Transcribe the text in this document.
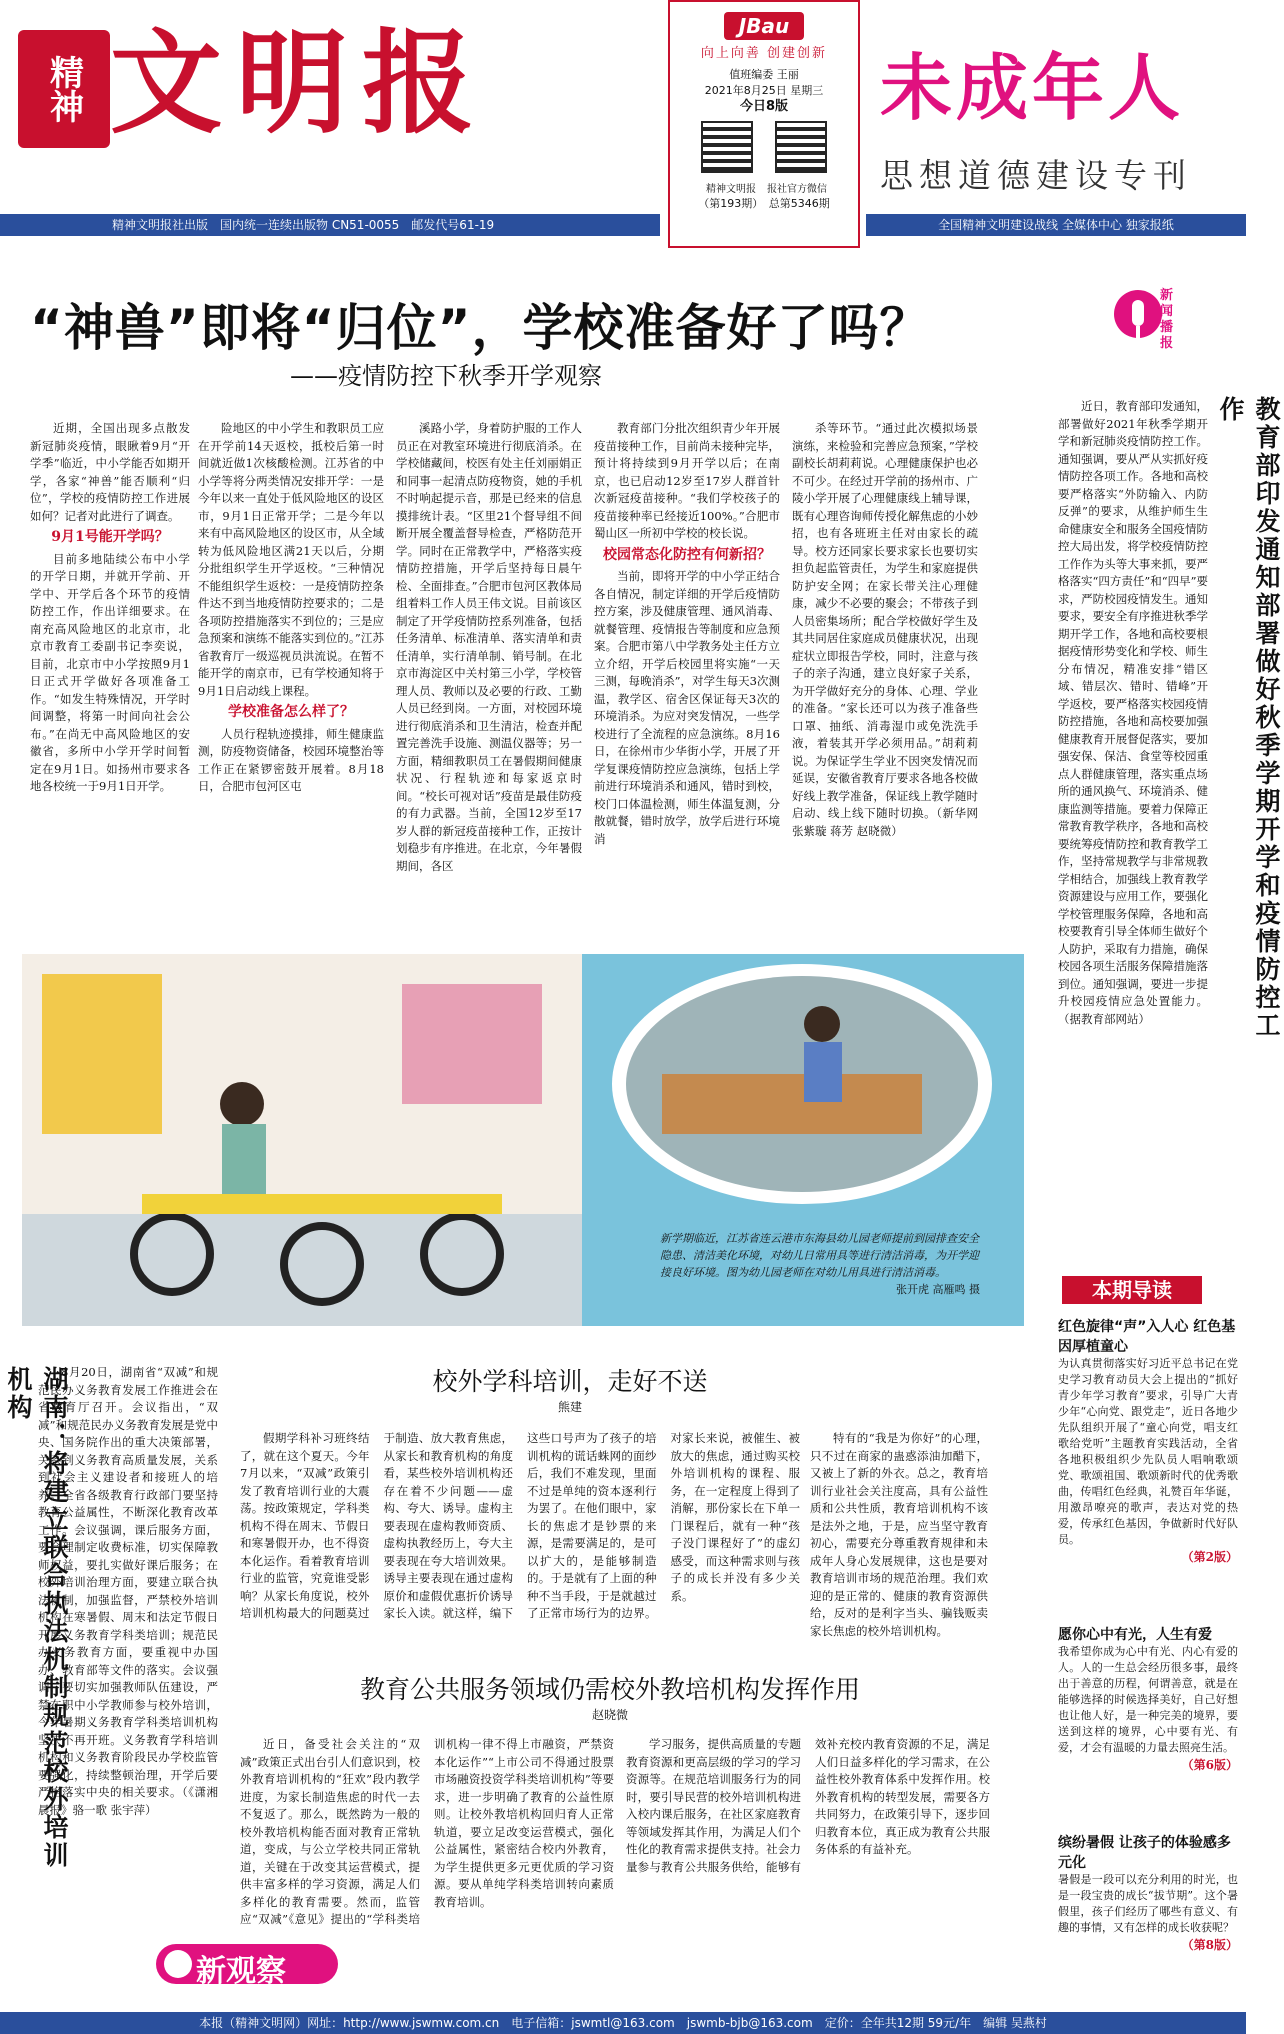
精神 文明报	JBau
向上向善 创建创新
值班编委 王丽
2021年8月25日 星期三
今日8版

精神文明报 报社官方微信
（第193期）　 总第5346期
未成年人
思想道德建设专刊
精神文明报社出版　国内统一连续出版物 CN51-0055　邮发代号61-19	全国精神文明建设战线 全媒体中心 独家报纸
“神兽”即将“归位”，学校准备好了吗？
——疫情防控下秋季开学观察
新闻 播报

近期，全国出现多点散发新冠肺炎疫情，眼瞅着9月“开学季”临近，中小学能否如期开学，各家“神兽”能否顺利“归位”，学校的疫情防控工作进展如何？记者对此进行了调查。

9月1号能开学吗？

目前多地陆续公布中小学的开学日期，并就开学前、开学中、开学后各个环节的疫情防控工作，作出详细要求。在南充高风险地区的北京市，北京市教育工委副书记李奕说，目前，北京市中小学按照9月1日正式开学做好各项准备工作。“如发生特殊情况，开学时间调整，将第一时间向社会公布。”在尚无中高风险地区的安徽省，多所中小学开学时间暂定在9月1日。如扬州市要求各地各校统一于9月1日开学。

险地区的中小学生和教职员工应在开学前14天返校，抵校后第一时间就近做1次核酸检测。江苏省的中小学等将分两类情况安排开学：一是今年以来一直处于低风险地区的设区市，9月1日正常开学；二是今年以来有中高风险地区的设区市，从全域转为低风险地区满21天以后，分期分批组织学生开学返校。“三种情况不能组织学生返校：一是疫情防控条件达不到当地疫情防控要求的；二是各项防控措施落实不到位的；三是应急预案和演练不能落实到位的。”江苏省教育厅一级巡视员洪流说。在暂不能开学的南京市，已有学校通知将于9月1日启动线上课程。

学校准备怎么样了？

人员行程轨迹摸排，师生健康监测，防疫物资储备，校园环境整治等工作正在紧锣密鼓开展着。8月18日，合肥市包河区屯

溪路小学，身着防护服的工作人员正在对教室环境进行彻底消杀。在学校储藏间，校医有处主任刘丽娟正和同事一起清点防疫物资，她的手机不时响起提示音，那是已经来的信息摸排统计表。“区里21个督导组不间断开展全覆盖督导检查，严格防范开学。同时在正常教学中，严格落实疫情防控措施，开学后坚持每日晨午检、全面排查。”合肥市包河区教体局组着料工作人员王伟文说。目前该区制定了开学疫情防控系列准备，包括任务清单、标准清单、落实清单和责任清单，实行清单制、销号制。在北京市海淀区中关村第三小学，学校管理人员、教师以及必要的行政、工勤人员已经到岗。一方面，对校园环境进行彻底消杀和卫生清洁，检查并配置完善洗手设施、测温仪器等；另一方面，精细教职员工在暑假期间健康状况、行程轨迹和每家返京时间。“校长可视对话”疫苗是最佳防疫的有力武器。当前，全国12岁至17岁人群的新冠疫苗接种工作，正按计划稳步有序推进。在北京，今年暑假期间，各区

教育部门分批次组织青少年开展疫苗接种工作，目前尚未接种完毕，预计将持续到9月开学以后；在南京，也已启动12岁至17岁人群首针次新冠疫苗接种。“我们学校孩子的疫苗接种率已经接近100%。”合肥市蜀山区一所初中学校的校长说。

校园常态化防控有何新招？

当前，即将开学的中小学正结合各自情况，制定详细的开学后疫情防控方案，涉及健康管理、通风消毒、就餐管理、疫情报告等制度和应急预案。合肥市第八中学教务处主任方立立介绍，开学后校园里将实施“一天三测，每晚消杀”，对学生每天3次测温，教学区、宿舍区保证每天3次的环境消杀。为应对突发情况，一些学校进行了全流程的应急演练。8月16日，在徐州市少华街小学，开展了开学复课疫情防控应急演练，包括上学前进行环境消杀和通风，错时到校，校门口体温检测，师生体温复测，分散就餐，错时放学，放学后进行环境消

杀等环节。“通过此次模拟场景演练，来检验和完善应急预案，”学校副校长胡莉莉说。心理健康保护也必不可少。在经过开学前的扬州市、广陵小学开展了心理健康线上辅导课，既有心理咨询师传授化解焦虑的小妙招，也有各班班主任对由家长的疏导。校方还同家长要求家长也要切实担负起监管责任，为学生和家庭提供防护安全网；在家长带关注心理健康，减少不必要的聚会；不带孩子到人员密集场所；配合学校做好学生及其共同居住家庭成员健康状况，出现症状立即报告学校，同时，注意与孩子的亲子沟通，建立良好家子关系，为开学做好充分的身体、心理、学业的准备。“家长还可以为孩子准备些口罩、抽纸、消毒湿巾或免洗洗手液，着装其开学必须用品。”胡莉莉说。为保证学生学业不因突发情况而延误，安徽省教育厅要求各地各校做好线上教学准备，保证线上教学随时启动、线上线下随时切换。（新华网 张紫璇 蒋芳 赵晓微）

近日，教育部印发通知，部署做好2021年秋季学期开学和新冠肺炎疫情防控工作。通知强调，要从严从实抓好疫情防控各项工作。各地和高校要严格落实“外防输入、内防反弹”的要求，从维护师生生命健康安全和服务全国疫情防控大局出发，将学校疫情防控工作作为头等大事来抓，要严格落实“四方责任”和“四早”要求，严防校园疫情发生。通知要求，要安全有序推进秋季学期开学工作，各地和高校要根据疫情形势变化和学校、师生分布情况，精准安排“错区域、错层次、错时、错峰”开学返校，要严格落实校园疫情防控措施，各地和高校要加强健康教育开展督促落实，要加强安保、保洁、食堂等校园重点人群健康管理，落实重点场所的通风换气、环境消杀、健康监测等措施。要着力保障正常教育教学秩序，各地和高校要统筹疫情防控和教育教学工作，坚持常规教学与非常规教学相结合，加强线上教育教学资源建设与应用工作，要强化学校管理服务保障，各地和高校要教育引导全体师生做好个人防护，采取有力措施，确保校园各项生活服务保障措施落到位。通知强调，要进一步提升校园疫情应急处置能力。（据教育部网站）	教育部印发通知部署做好秋季学期开学和疫情防控工作
新学期临近，江苏省连云港市东海县幼儿园老师提前到园排查安全隐患、清洁美化环境，对幼儿日常用具等进行清洁消毒，为开学迎接良好环境。图为幼儿园老师在对幼儿用具进行清洁消毒。
张开虎 高雁鸣 摄	本期导读
红色旋律“声”入人心 红色基因厚植童心
为认真贯彻落实好习近平总书记在党史学习教育动员大会上提出的“抓好青少年学习教育”要求，引导广大青少年“心向党、跟党走”，近日各地少先队组织开展了“童心向党，唱支红歌给党听”主题教育实践活动，全省各地积极组织少先队员人唱响歌颂党、歌颂祖国、歌颂新时代的优秀歌曲，传唱红色经典，礼赞百年华诞，用激昂嘹亮的歌声，表达对党的热爱，传承红色基因，争做新时代好队员。
（第2版）
愿你心中有光，人生有爱
我希望你成为心中有光、内心有爱的人。人的一生总会经历很多事，最终出于善意的历程，何谓善意，就是在能够选择的时候选择美好，自己好想也让他人好，是一种完美的境界，要送到这样的境界，心中要有光、有爱，才会有温暖的力量去照亮生活。
（第6版）
缤纷暑假 让孩子的体验感多元化
暑假是一段可以充分利用的时光，也是一段宝贵的成长“拔节期”。这个暑假里，孩子们经历了哪些有意义、有趣的事情，又有怎样的成长收获呢？
（第8版）
湖南：将建立联合执法机制规范校外培训机构	8月20日，湖南省“双减”和规范民办义务教育发展工作推进会在省教育厅召开。会议指出，“双减”和规范民办义务教育发展是党中央、国务院作出的重大决策部署，关系到义务教育高质量发展，关系到社会主义建设者和接班人的培养。全省各级教育行政部门要坚持教育公益属性，不断深化教育改革工作。会议强调，课后服务方面，要合理制定收费标准，切实保障教师权益，要扎实做好课后服务；在校外培训治理方面，要建立联合执法机制，加强监督，严禁校外培训机构在寒暑假、周末和法定节假日开展义务教育学科类培训；规范民办义务教育方面，要重视中办国办、教育部等文件的落实。会议强调，要切实加强教师队伍建设，严禁在职中小学教师参与校外培训，今年暑期义务教育学科类培训机构坚决不再开班。义务教育学科培训机构和义务教育阶段民办学校监管要强化，持续整顿治理，开学后要严格落实中央的相关要求。（《潇湘晨报》骆一歌 张宇萍）

新观察
校外学科培训，走好不送
熊建

假期学科补习班终结了，就在这个夏天。今年7月以来，“双减”政策引发了教育培训行业的大震荡。按政策规定，学科类机构不得在周末、节假日和寒暑假开办，也不得资本化运作。看着教育培训行业的监管，究竟谁受影响？从家长角度说，校外培训机构最大的问题莫过于制造、放大教育焦虑，从家长和教育机构的角度看，某些校外培训机构还存在着不少问题——虚构、夸大、诱导。虚构主要表现在虚构教师资质、虚构执教经历上，夸大主要表现在夸大培训效果。诱导主要表现在通过虚构原价和虚假优惠折价诱导家长入读。就这样，编下这些口号声为了孩子的培训机构的谎话蛛网的面纱后，我们不难发现，里面不过是单纯的资本逐利行为罢了。在他们眼中，家长的焦虑才是钞票的来源，是需要满足的，是可以扩大的，是能够制造的。于是就有了上面的种种不当手段，于是就越过了正常市场行为的边界。对家长来说，被催生、被放大的焦虑，通过购买校外培训机构的课程、服务，在一定程度上得到了消解，那份家长在下单一门课程后，就有一种“孩子没门课程好了”的虚幻感受，而这种需求则与孩子的成长并没有多少关系。

特有的“我是为你好”的心理，只不过在商家的蛊惑添油加醋下，又被上了新的外衣。总之，教育培训行业社会关注度高，具有公益性质和公共性质，教育培训机构不该是法外之地，于是，应当坚守教育初心，需要充分尊重教育规律和未成年人身心发展规律，这也是要对教育培训市场的规范治理。我们欢迎的是正常的、健康的教育资源供给，反对的是利字当头、骗钱贩卖家长焦虑的校外培训机构。

教育公共服务领域仍需校外教培机构发挥作用
赵晓微

近日，备受社会关注的“双减”政策正式出台引人们意识到，校外教育培训机构的“狂欢”段内教学进度，为家长制造焦虑的时代一去不复返了。那么，既然跨为一般的校外教培机构能否面对教育正常轨道，变成，与公立学校共同正常轨道，关键在于改变其运营模式，提供丰富多样的学习资源，满足人们多样化的教育需要。然而，监管应“双减”《意见》提出的“学科类培训机构一律不得上市融资，严禁资本化运作”“上市公司不得通过股票市场融资投资学科类培训机构”等要求，进一步明确了教育的公益性原则。让校外教培机构回归育人正常轨道，要立足改变运营模式，强化公益属性，紧密结合校内外教育，为学生提供更多元更优质的学习资源。要从单纯学科类培训转向素质教育培训。

学习服务，提供高质量的专题教育资源和更高层级的学习的学习资源等。在规范培训服务行为的同时，要引导民营的校外培训机构进入校内课后服务，在社区家庭教育等领域发挥其作用，为满足人们个性化的教育需求提供支持。社会力量参与教育公共服务供给，能够有效补充校内教育资源的不足，满足人们日益多样化的学习需求，在公益性校外教育体系中发挥作用。校外教育机构的转型发展，需要各方共同努力，在政策引导下，逐步回归教育本位，真正成为教育公共服务体系的有益补充。

本报（精神文明网）网址：http://www.jswmw.com.cn　电子信箱：jswmtl@163.com　jswmb-bjb@163.com　定价：全年共12期 59元/年　编辑 吴燕村
